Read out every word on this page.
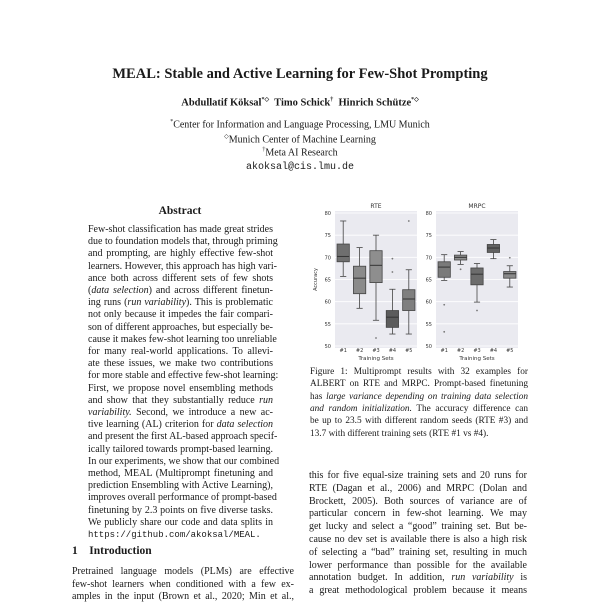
MEAL: Stable and Active Learning for Few-Shot Prompting
Abdullatif Köksal*◇ Timo Schick† Hinrich Schütze*◇
*Center for Information and Language Processing, LMU Munich
◇Munich Center of Machine Learning
†Meta AI Research
akoksal@cis.lmu.de
Abstract
Few-shot classification has made great strides
due to foundation models that, through priming
and prompting, are highly effective few-shot
learners. However, this approach has high vari-
ance both across different sets of few shots
(data selection) and across different finetun-
ing runs (run variability). This is problematic
not only because it impedes the fair compari-
son of different approaches, but especially be-
cause it makes few-shot learning too unreliable
for many real-world applications. To allevi-
ate these issues, we make two contributions
for more stable and effective few-shot learning:
First, we propose novel ensembling methods
and show that they substantially reduce run
variability. Second, we introduce a new ac-
tive learning (AL) criterion for data selection
and present the first AL-based approach specif-
ically tailored towards prompt-based learning.
In our experiments, we show that our combined
method, MEAL (Multiprompt finetuning and
prediction Ensembling with Active Learning),
improves overall performance of prompt-based
finetuning by 2.3 points on five diverse tasks.
We publicly share our code and data splits in
https://github.com/akoksal/MEAL.
1 Introduction
Pretrained language models (PLMs) are effective
few-shot learners when conditioned with a few ex-
amples in the input (Brown et al., 2020; Min et al.,
50
55
60
65
70
75
80
RTE
Training Sets
Accuracy
#1 #2 #3 #4 #5
50
55
60
65
70
75
80
MRPC
Training Sets
#1 #2 #3 #4 #5
Figure 1: Multiprompt results with 32 examples for
ALBERT on RTE and MRPC. Prompt-based finetuning
has large variance depending on training data selection
and random initialization. The accuracy difference can
be up to 23.5 with different random seeds (RTE #3) and
13.7 with different training sets (RTE #1 vs #4).
this for five equal-size training sets and 20 runs for
RTE (Dagan et al., 2006) and MRPC (Dolan and
Brockett, 2005). Both sources of variance are of
particular concern in few-shot learning. We may
get lucky and select a “good” training set. But be-
cause no dev set is available there is also a high risk
of selecting a “bad” training set, resulting in much
lower performance than possible for the available
annotation budget. In addition, run variability is
a great methodological problem because it means
